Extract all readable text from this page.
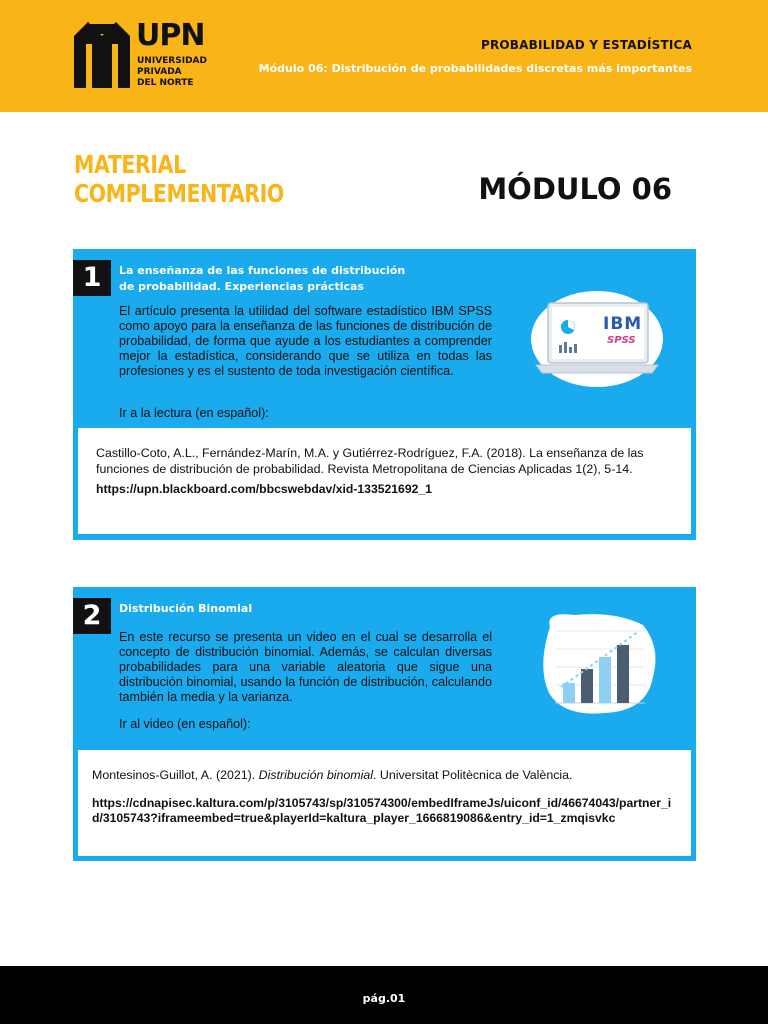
UPN
UNIVERSIDAD
PRIVADA
DEL NORTE
PROBABILIDAD Y ESTADÍSTICA
Módulo 06: Distribución de probabilidades discretas más importantes
MATERIAL
COMPLEMENTARIO	MÓDULO 06
1	La enseñanza de las funciones de distribución
de probabilidad. Experiencias prácticas
El artículo presenta la utilidad del software estadístico IBM SPSS como apoyo para la enseñanza de las funciones de distribución de probabilidad, de forma que ayude a los estudiantes a comprender mejor la estadística, considerando que se utiliza en todas las profesiones y es el sustento de toda investigación científica.
Ir a la lectura (en español):
IBM
SPSS
Castillo-Coto, A.L., Fernández-Marín, M.A. y Gutiérrez-Rodríguez, F.A. (2018). La enseñanza de las funciones de distribución de probabilidad. Revista Metropolitana de Ciencias Aplicadas 1(2), 5-14.
https://upn.blackboard.com/bbcswebdav/xid-133521692_1
2	Distribución Binomial
En este recurso se presenta un video en el cual se desarrolla el concepto de distribución binomial. Además, se calculan diversas probabilidades para una variable aleatoria que sigue una distribución binomial, usando la función de distribución, calculando también la media y la varianza.
Ir al video (en español):
Montesinos-Guillot, A. (2021). Distribución binomial. Universitat Politècnica de València.
https://cdnapisec.kaltura.com/p/3105743/sp/310574300/embedIframeJs/uiconf_id/46674043/partner_id/3105743?iframeembed=true&playerId=kaltura_player_1666819086&entry_id=1_zmqisvkc
pág.01
